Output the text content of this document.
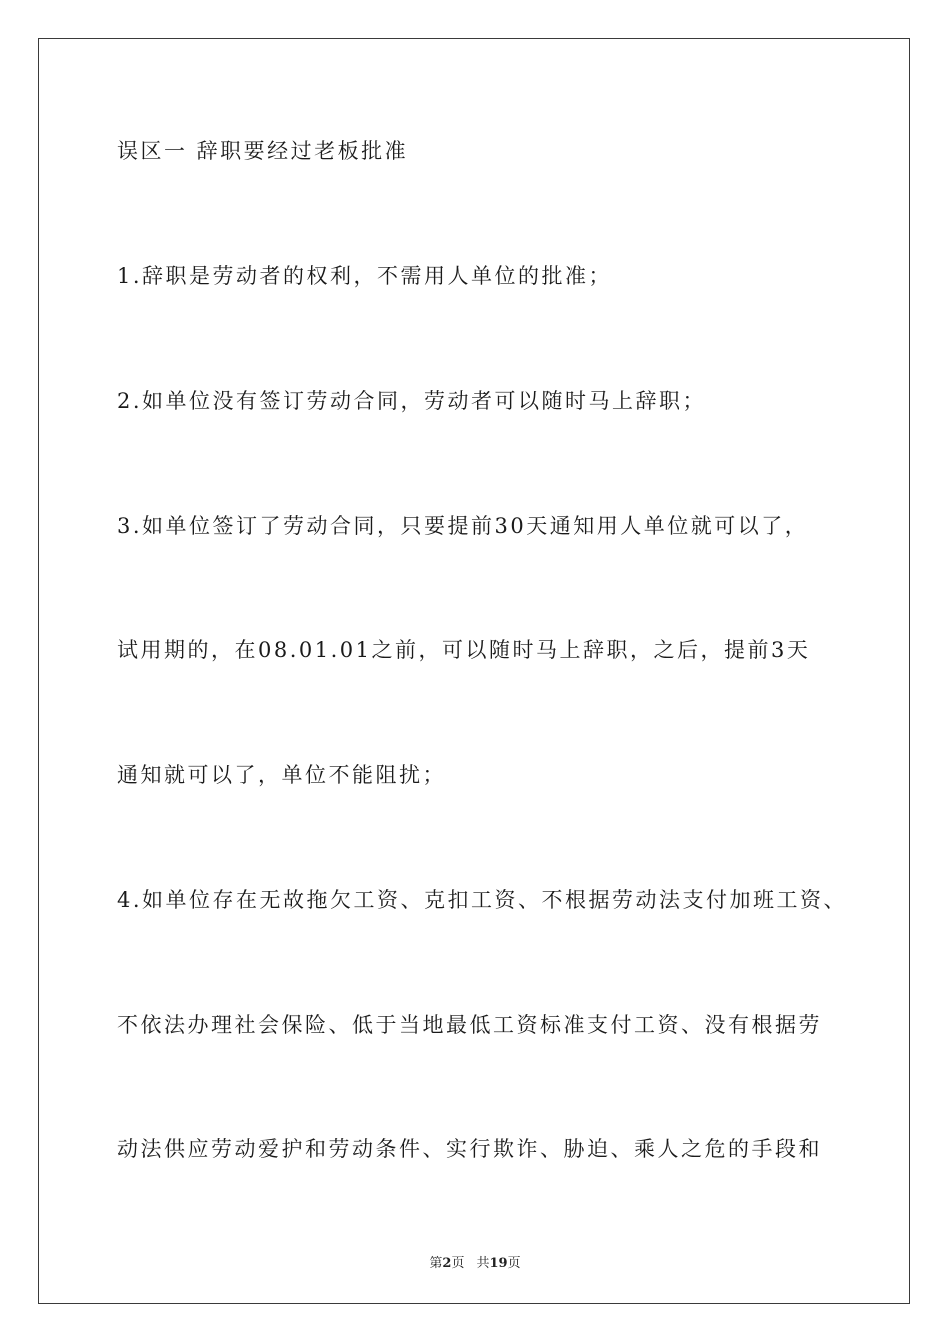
误区一 辞职要经过老板批准
1.辞职是劳动者的权利，不需用人单位的批准；
2.如单位没有签订劳动合同，劳动者可以随时马上辞职；
3.如单位签订了劳动合同，只要提前30天通知用人单位就可以了，
试用期的，在08.01.01之前，可以随时马上辞职，之后，提前3天
通知就可以了，单位不能阻扰；
4.如单位存在无故拖欠工资、克扣工资、不根据劳动法支付加班工资、
不依法办理社会保险、低于当地最低工资标准支付工资、没有根据劳
动法供应劳动爱护和劳动条件、实行欺诈、胁迫、乘人之危的手段和
第2页 共19页
